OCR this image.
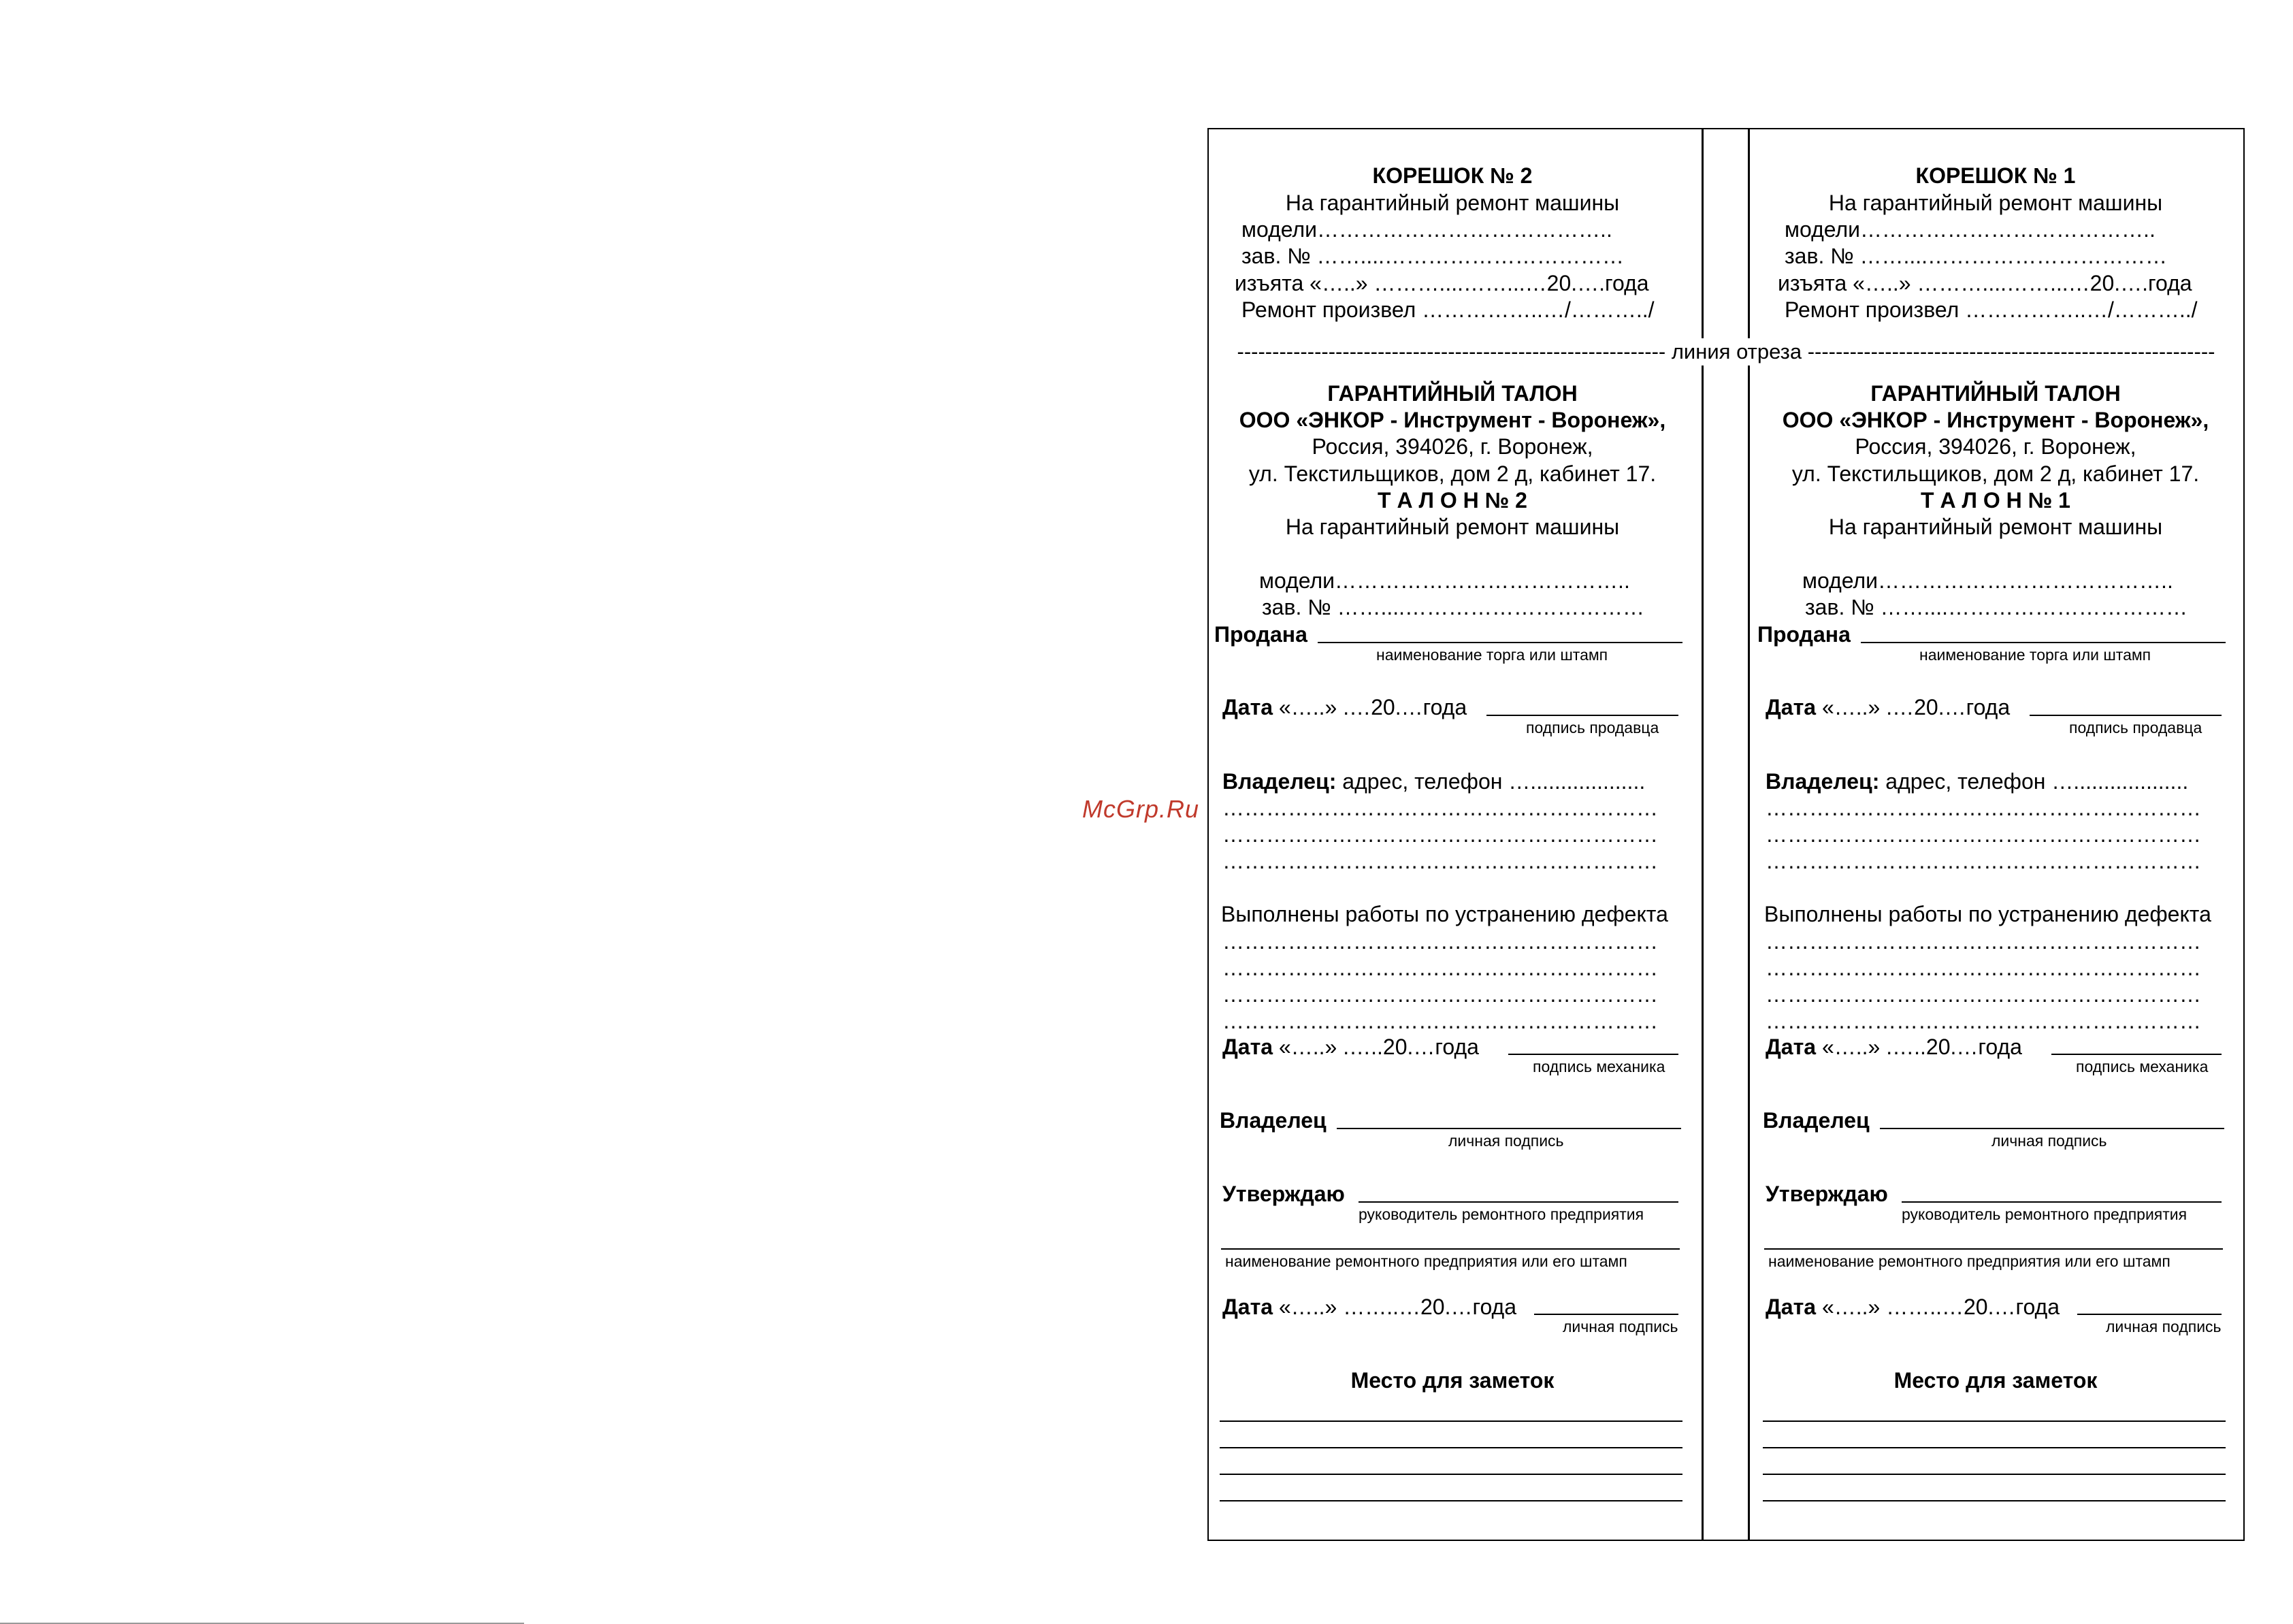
McGrp.Ru
------------------------------------------------------------- линия отреза ----------------------------------------------------------
КОРЕШОК № 2
На гарантийный ремонт машины
модели…………………………………..
зав. № ……....……………………………
изъята «…..» ………....……...…20.….года
Ремонт произвел ……………..…/………../
ГАРАНТИЙНЫЙ ТАЛОН
ООО «ЭНКОР - Инструмент - Воронеж»,
Россия, 394026, г. Воронеж,
ул. Текстильщиков, дом 2 д, кабинет 17.
Т А Л О Н № 2
На гарантийный ремонт машины
модели…………………………………..
зав. № ……....……………………………
Продана
наименование торга или штамп
Дата «…..» .…20.…года
подпись продавца
Владелец: адрес, телефон …...................
……………………………………………………
……………………………………………………
……………………………………………………
Выполнены работы по устранению дефекта
……………………………………………………
……………………………………………………
……………………………………………………
……………………………………………………
Дата «…..» .…..20.…года
подпись механика
Владелец
личная подпись
Утверждаю
руководитель ремонтного предприятия
наименование ремонтного предприятия или его штамп
Дата «…..» ……..…20.…года
личная подпись
Место для заметок
КОРЕШОК № 1
На гарантийный ремонт машины
модели…………………………………..
зав. № ……....……………………………
изъята «…..» ………....……...…20.….года
Ремонт произвел ……………..…/………../
ГАРАНТИЙНЫЙ ТАЛОН
ООО «ЭНКОР - Инструмент - Воронеж»,
Россия, 394026, г. Воронеж,
ул. Текстильщиков, дом 2 д, кабинет 17.
Т А Л О Н № 1
На гарантийный ремонт машины
модели…………………………………..
зав. № ……....……………………………
Продана
наименование торга или штамп
Дата «…..» .…20.…года
подпись продавца
Владелец: адрес, телефон …...................
……………………………………………………
……………………………………………………
……………………………………………………
Выполнены работы по устранению дефекта
……………………………………………………
……………………………………………………
……………………………………………………
……………………………………………………
Дата «…..» .…..20.…года
подпись механика
Владелец
личная подпись
Утверждаю
руководитель ремонтного предприятия
наименование ремонтного предприятия или его штамп
Дата «…..» ……..…20.…года
личная подпись
Место для заметок
